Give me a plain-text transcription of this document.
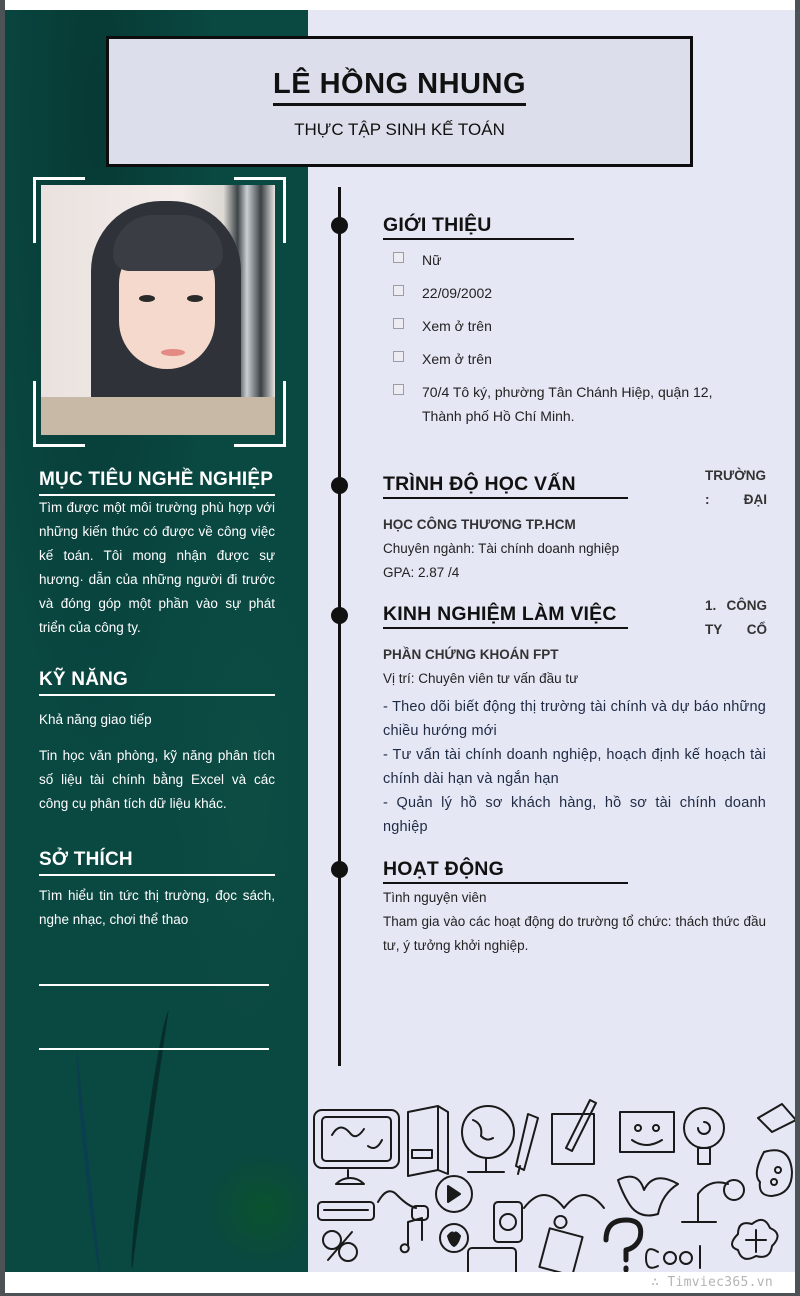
MỤC TIÊU NGHỀ NGHIỆP

Tìm được một môi trường phù hợp với những kiến thức có được về công việc kế toán. Tôi mong nhận được sự hương· dẫn của những người đi trước và đóng góp một phần vào sự phát triển của công ty.

KỸ NĂNG

Khả năng giao tiếp

Tin học văn phòng, kỹ năng phân tích số liệu tài chính bằng Excel và các công cụ phân tích dữ liệu khác.

SỞ THÍCH

Tìm hiểu tin tức thị trường, đọc sách, nghe nhạc, chơi thể thao

LÊ HỒNG NHUNG
THỰC TẬP SINH KẾ TOÁN
GIỚI THIỆU
Nữ
22/09/2002
Xem ở trên
Xem ở trên
70/4 Tô ký, phường Tân Chánh Hiệp, quận 12, Thành phố Hồ Chí Minh.
TRÌNH ĐỘ HỌC VẤN
HỌC CÔNG THƯƠNG TP.HCM
Chuyên ngành: Tài chính doanh nghiệp
GPA: 2.87 /4
TRƯỜNG
:	ĐẠI
KINH NGHIỆM LÀM VIỆC
PHẦN CHỨNG KHOÁN FPT
Vị trí: Chuyên viên tư vấn đầu tư
- Theo dõi biết động thị trường tài chính và dự báo những chiều hướng mới
- Tư vấn tài chính doanh nghiệp, hoạch định kế hoạch tài chính dài hạn và ngắn hạn
- Quản lý hồ sơ khách hàng, hồ sơ tài chính doanh nghiệp
1. CÔNG
TY CỔ
HOẠT ĐỘNG
Tình nguyện viên
Tham gia vào các hoạt động do trường tổ chức: thách thức đầu tư, ý tưởng khởi nghiệp.
∴ Timviec365.vn
